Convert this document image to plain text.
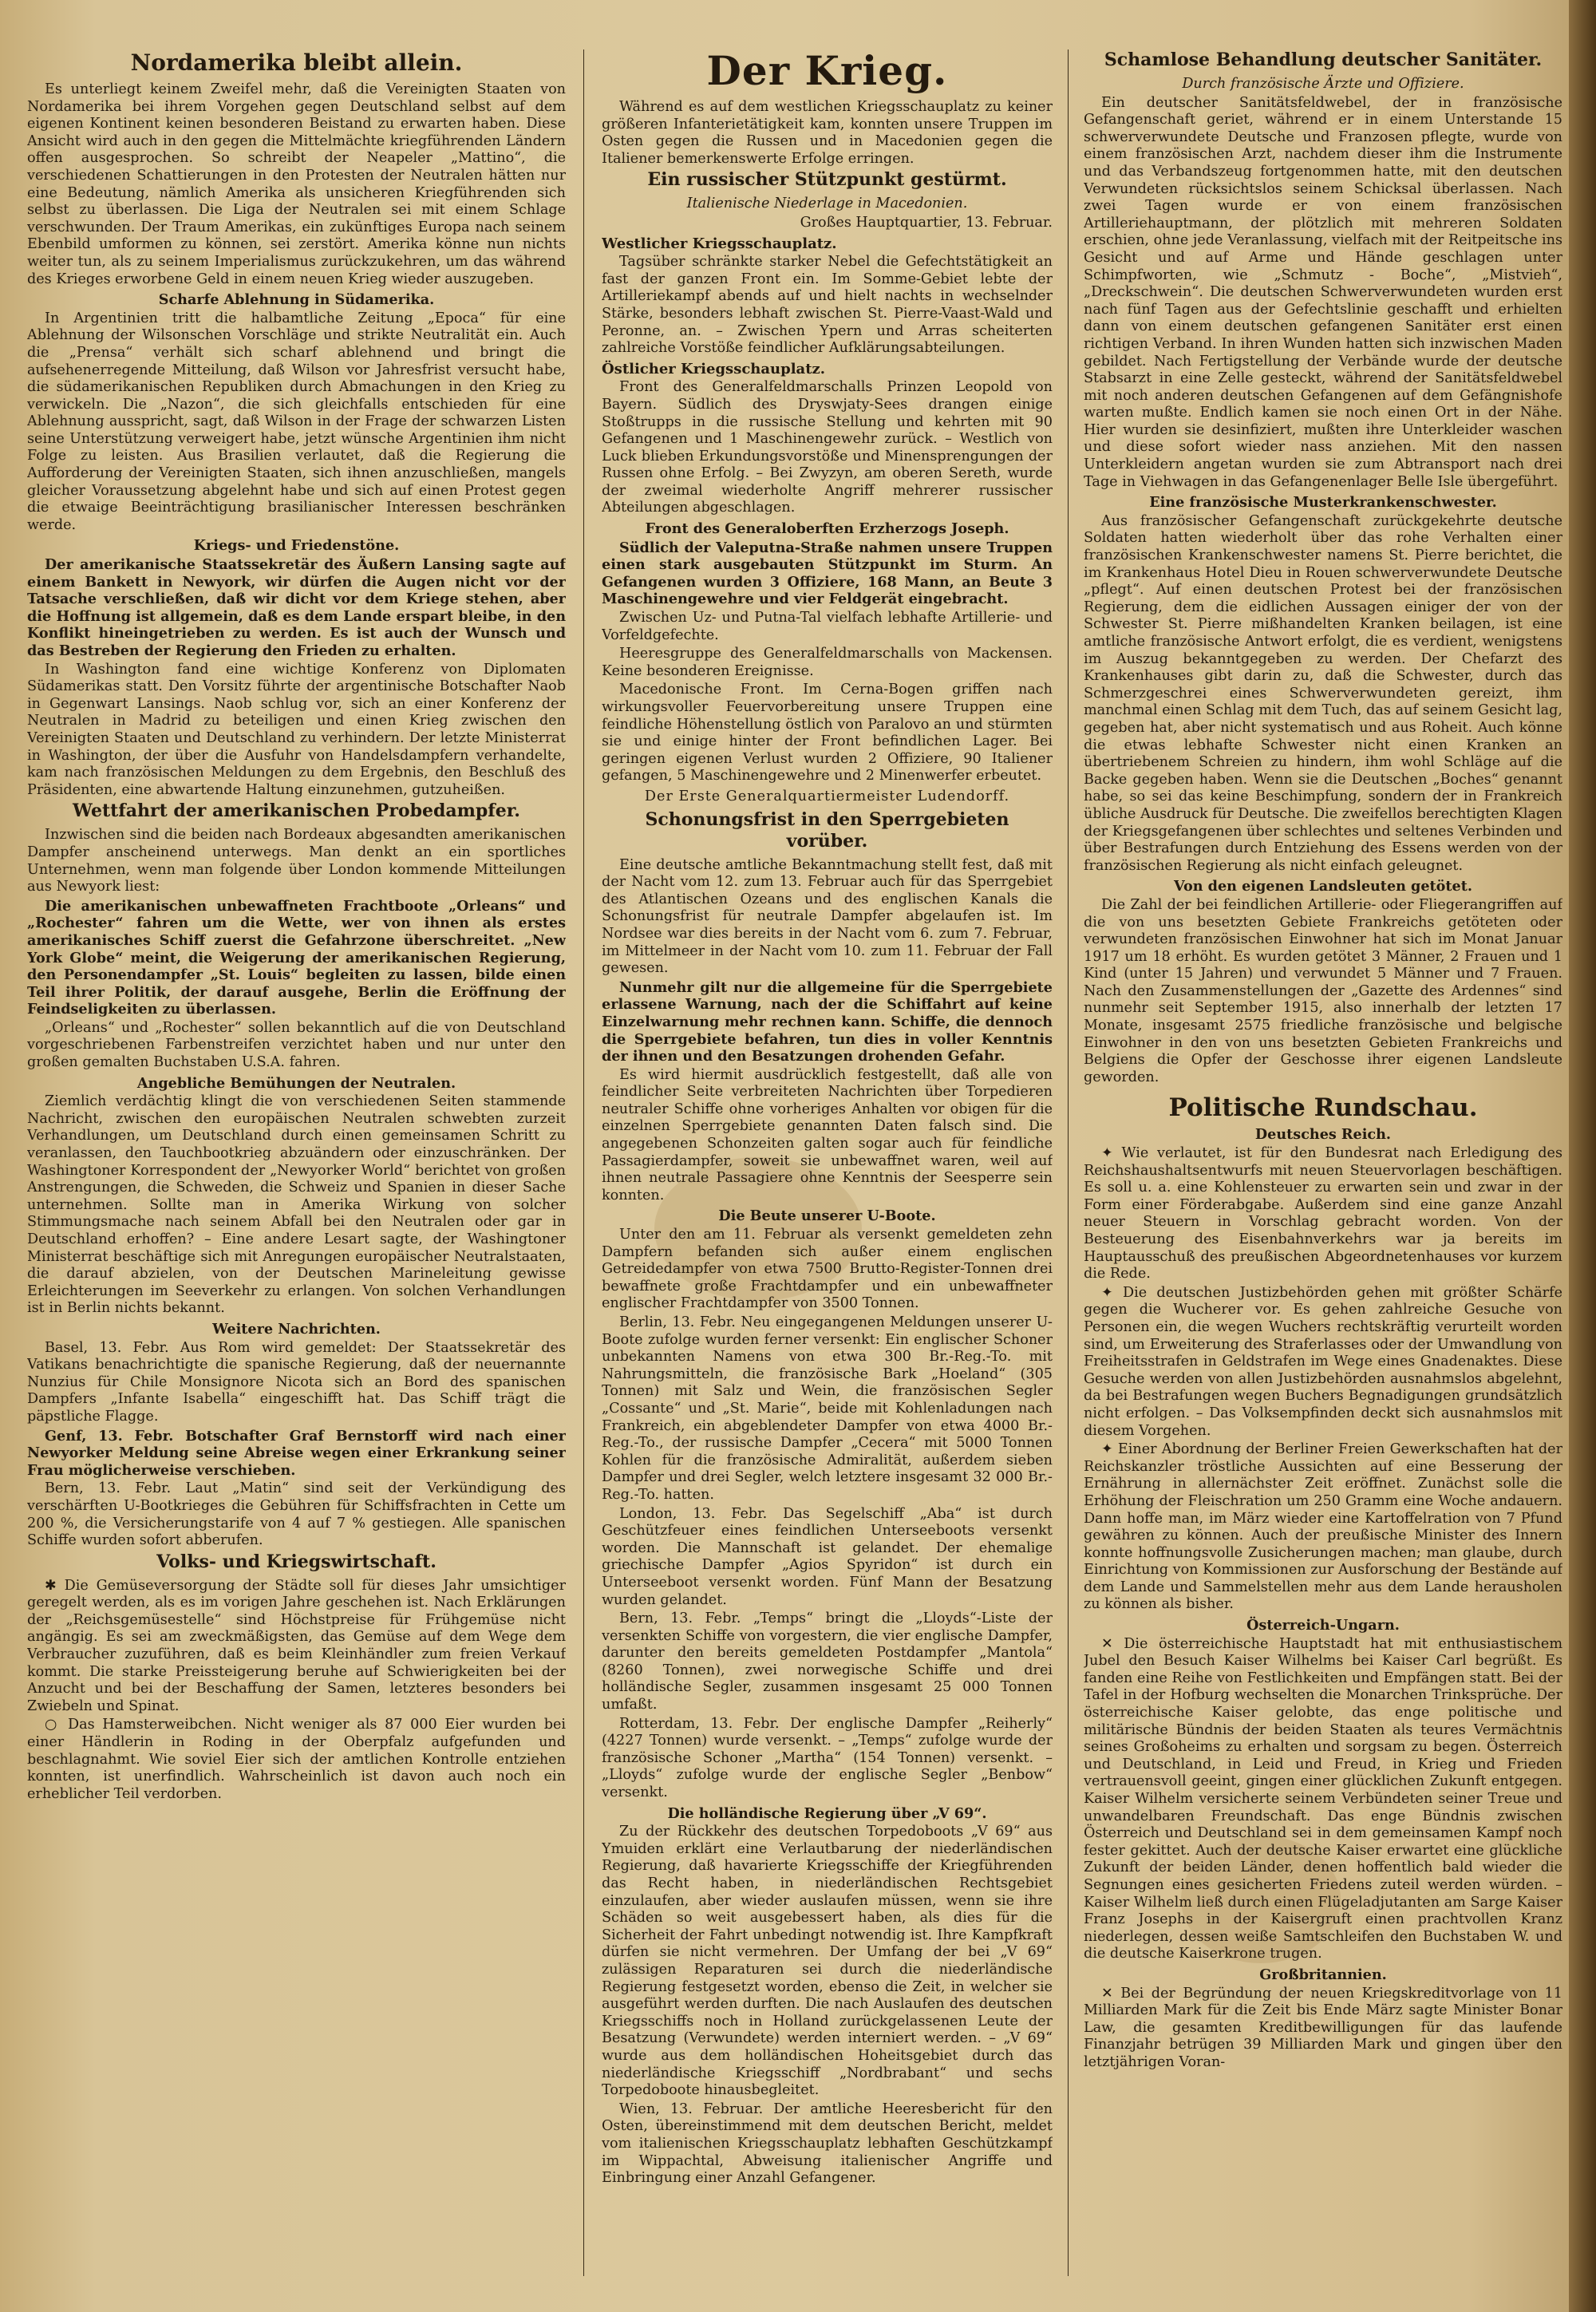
Nordamerika bleibt allein.

Es unterliegt keinem Zweifel mehr, daß die Vereinigten Staaten von Nordamerika bei ihrem Vorgehen gegen Deutschland selbst auf dem eigenen Kontinent keinen besonderen Beistand zu erwarten haben. Diese Ansicht wird auch in den gegen die Mittelmächte kriegführenden Ländern offen ausgesprochen. So schreibt der Neapeler „Mattino“, die verschiedenen Schattierungen in den Protesten der Neutralen hätten nur eine Bedeutung, nämlich Amerika als unsicheren Kriegführenden sich selbst zu überlassen. Die Liga der Neutralen sei mit einem Schlage verschwunden. Der Traum Amerikas, ein zukünftiges Europa nach seinem Ebenbild umformen zu können, sei zerstört. Amerika könne nun nichts weiter tun, als zu seinem Imperialismus zurückzukehren, um das während des Krieges erworbene Geld in einem neuen Krieg wieder auszugeben.

Scharfe Ablehnung in Südamerika.

In Argentinien tritt die halbamtliche Zeitung „Epoca“ für eine Ablehnung der Wilsonschen Vorschläge und strikte Neutralität ein. Auch die „Prensa“ verhält sich scharf ablehnend und bringt die aufsehenerregende Mitteilung, daß Wilson vor Jahresfrist versucht habe, die südamerikanischen Republiken durch Abmachungen in den Krieg zu verwickeln. Die „Nazon“, die sich gleichfalls entschieden für eine Ablehnung ausspricht, sagt, daß Wilson in der Frage der schwarzen Listen seine Unterstützung verweigert habe, jetzt wünsche Argentinien ihm nicht Folge zu leisten. Aus Brasilien verlautet, daß die Regierung die Aufforderung der Vereinigten Staaten, sich ihnen anzuschließen, mangels gleicher Voraussetzung abgelehnt habe und sich auf einen Protest gegen die etwaige Beeinträchtigung brasilianischer Interessen beschränken werde.

Kriegs- und Friedenstöne.

Der amerikanische Staatssekretär des Äußern Lansing sagte auf einem Bankett in Newyork, wir dürfen die Augen nicht vor der Tatsache verschließen, daß wir dicht vor dem Kriege stehen, aber die Hoffnung ist allgemein, daß es dem Lande erspart bleibe, in den Konflikt hineingetrieben zu werden. Es ist auch der Wunsch und das Bestreben der Regierung den Frieden zu erhalten.

In Washington fand eine wichtige Konferenz von Diplomaten Südamerikas statt. Den Vorsitz führte der argentinische Botschafter Naob in Gegenwart Lansings. Naob schlug vor, sich an einer Konferenz der Neutralen in Madrid zu beteiligen und einen Krieg zwischen den Vereinigten Staaten und Deutschland zu verhindern. Der letzte Ministerrat in Washington, der über die Ausfuhr von Handelsdampfern verhandelte, kam nach französischen Meldungen zu dem Ergebnis, den Beschluß des Präsidenten, eine abwartende Haltung einzunehmen, gutzuheißen.

Wettfahrt der amerikanischen Probedampfer.

Inzwischen sind die beiden nach Bordeaux abgesandten amerikanischen Dampfer anscheinend unterwegs. Man denkt an ein sportliches Unternehmen, wenn man folgende über London kommende Mitteilungen aus Newyork liest:

Die amerikanischen unbewaffneten Frachtboote „Orleans“ und „Rochester“ fahren um die Wette, wer von ihnen als erstes amerikanisches Schiff zuerst die Gefahrzone überschreitet. „New York Globe“ meint, die Weigerung der amerikanischen Regierung, den Personendampfer „St. Louis“ begleiten zu lassen, bilde einen Teil ihrer Politik, der darauf ausgehe, Berlin die Eröffnung der Feindseligkeiten zu überlassen.

„Orleans“ und „Rochester“ sollen bekanntlich auf die von Deutschland vorgeschriebenen Farbenstreifen verzichtet haben und nur unter den großen gemalten Buchstaben U.S.A. fahren.

Angebliche Bemühungen der Neutralen.

Ziemlich verdächtig klingt die von verschiedenen Seiten stammende Nachricht, zwischen den europäischen Neutralen schwebten zurzeit Verhandlungen, um Deutschland durch einen gemeinsamen Schritt zu veranlassen, den Tauchbootkrieg abzuändern oder einzuschränken. Der Washingtoner Korrespondent der „Newyorker World“ berichtet von großen Anstrengungen, die Schweden, die Schweiz und Spanien in dieser Sache unternehmen. Sollte man in Amerika Wirkung von solcher Stimmungsmache nach seinem Abfall bei den Neutralen oder gar in Deutschland erhoffen? – Eine andere Lesart sagte, der Washingtoner Ministerrat beschäftige sich mit Anregungen europäischer Neutralstaaten, die darauf abzielen, von der Deutschen Marineleitung gewisse Erleichterungen im Seeverkehr zu erlangen. Von solchen Verhandlungen ist in Berlin nichts bekannt.

Weitere Nachrichten.

Basel, 13. Febr. Aus Rom wird gemeldet: Der Staatssekretär des Vatikans benachrichtigte die spanische Regierung, daß der neuernannte Nunzius für Chile Monsignore Nicota sich an Bord des spanischen Dampfers „Infante Isabella“ eingeschifft hat. Das Schiff trägt die päpstliche Flagge.

Genf, 13. Febr. Botschafter Graf Bernstorff wird nach einer Newyorker Meldung seine Abreise wegen einer Erkrankung seiner Frau möglicherweise verschieben.

Bern, 13. Febr. Laut „Matin“ sind seit der Verkündigung des verschärften U-Bootkrieges die Gebühren für Schiffsfrachten in Cette um 200 %, die Versicherungstarife von 4 auf 7 % gestiegen. Alle spanischen Schiffe wurden sofort abberufen.

Volks- und Kriegswirtschaft.

✱ Die Gemüseversorgung der Städte soll für dieses Jahr umsichtiger geregelt werden, als es im vorigen Jahre geschehen ist. Nach Erklärungen der „Reichsgemüsestelle“ sind Höchstpreise für Frühgemüse nicht angängig. Es sei am zweckmäßigsten, das Gemüse auf dem Wege dem Verbraucher zuzuführen, daß es beim Kleinhändler zum freien Verkauf kommt. Die starke Preissteigerung beruhe auf Schwierigkeiten bei der Anzucht und bei der Beschaffung der Samen, letzteres besonders bei Zwiebeln und Spinat.

○ Das Hamsterweibchen. Nicht weniger als 87 000 Eier wurden bei einer Händlerin in Roding in der Oberpfalz aufgefunden und beschlagnahmt. Wie soviel Eier sich der amtlichen Kontrolle entziehen konnten, ist unerfindlich. Wahrscheinlich ist davon auch noch ein erheblicher Teil verdorben.

Der Krieg.

Während es auf dem westlichen Kriegsschauplatz zu keiner größeren Infanterietätigkeit kam, konnten unsere Truppen im Osten gegen die Russen und in Macedonien gegen die Italiener bemerkenswerte Erfolge erringen.

Ein russischer Stützpunkt gestürmt.
Italienische Niederlage in Macedonien.
Großes Hauptquartier, 13. Februar.
Westlicher Kriegsschauplatz.

Tagsüber schränkte starker Nebel die Gefechtstätigkeit an fast der ganzen Front ein. Im Somme-Gebiet lebte der Artilleriekampf abends auf und hielt nachts in wechselnder Stärke, besonders lebhaft zwischen St. Pierre-Vaast-Wald und Peronne, an. – Zwischen Ypern und Arras scheiterten zahlreiche Vorstöße feindlicher Aufklärungsabteilungen.

Östlicher Kriegsschauplatz.

Front des Generalfeldmarschalls Prinzen Leopold von Bayern. Südlich des Dryswjaty-Sees drangen einige Stoßtrupps in die russische Stellung und kehrten mit 90 Gefangenen und 1 Maschinengewehr zurück. – Westlich von Luck blieben Erkundungsvorstöße und Minensprengungen der Russen ohne Erfolg. – Bei Zwyzyn, am oberen Sereth, wurde der zweimal wiederholte Angriff mehrerer russischer Abteilungen abgeschlagen.

Front des Generaloberften Erzherzogs Joseph.

Südlich der Valeputna-Straße nahmen unsere Truppen einen stark ausgebauten Stützpunkt im Sturm. An Gefangenen wurden 3 Offiziere, 168 Mann, an Beute 3 Maschinengewehre und vier Feldgerät eingebracht.

Zwischen Uz- und Putna-Tal vielfach lebhafte Artillerie- und Vorfeldgefechte.

Heeresgruppe des Generalfeldmarschalls von Mackensen. Keine besonderen Ereignisse.

Macedonische Front. Im Cerna-Bogen griffen nach wirkungsvoller Feuervorbereitung unsere Truppen eine feindliche Höhenstellung östlich von Paralovo an und stürmten sie und einige hinter der Front befindlichen Lager. Bei geringen eigenen Verlust wurden 2 Offiziere, 90 Italiener gefangen, 5 Maschinengewehre und 2 Minenwerfer erbeutet.

Der Erste Generalquartiermeister Ludendorff.
Schonungsfrist in den Sperrgebieten vorüber.

Eine deutsche amtliche Bekanntmachung stellt fest, daß mit der Nacht vom 12. zum 13. Februar auch für das Sperrgebiet des Atlantischen Ozeans und des englischen Kanals die Schonungsfrist für neutrale Dampfer abgelaufen ist. Im Nordsee war dies bereits in der Nacht vom 6. zum 7. Februar, im Mittelmeer in der Nacht vom 10. zum 11. Februar der Fall gewesen.

Nunmehr gilt nur die allgemeine für die Sperrgebiete erlassene Warnung, nach der die Schiffahrt auf keine Einzelwarnung mehr rechnen kann. Schiffe, die dennoch die Sperrgebiete befahren, tun dies in voller Kenntnis der ihnen und den Besatzungen drohenden Gefahr.

Es wird hiermit ausdrücklich festgestellt, daß alle von feindlicher Seite verbreiteten Nachrichten über Torpedieren neutraler Schiffe ohne vorheriges Anhalten vor obigen für die einzelnen Sperrgebiete genannten Daten falsch sind. Die angegebenen Schonzeiten galten sogar auch für feindliche Passagierdampfer, soweit sie unbewaffnet waren, weil auf ihnen neutrale Passagiere ohne Kenntnis der Seesperre sein konnten.

Die Beute unserer U-Boote.

Unter den am 11. Februar als versenkt gemeldeten zehn Dampfern befanden sich außer einem englischen Getreidedampfer von etwa 7500 Brutto-Register-Tonnen drei bewaffnete große Frachtdampfer und ein unbewaffneter englischer Frachtdampfer von 3500 Tonnen.

Berlin, 13. Febr. Neu eingegangenen Meldungen unserer U-Boote zufolge wurden ferner versenkt: Ein englischer Schoner unbekannten Namens von etwa 300 Br.-Reg.-To. mit Nahrungsmitteln, die französische Bark „Hoeland“ (305 Tonnen) mit Salz und Wein, die französischen Segler „Cossante“ und „St. Marie“, beide mit Kohlenladungen nach Frankreich, ein abgeblendeter Dampfer von etwa 4000 Br.-Reg.-To., der russische Dampfer „Cecera“ mit 5000 Tonnen Kohlen für die französische Admiralität, außerdem sieben Dampfer und drei Segler, welch letztere insgesamt 32 000 Br.-Reg.-To. hatten.

London, 13. Febr. Das Segelschiff „Aba“ ist durch Geschützfeuer eines feindlichen Unterseeboots versenkt worden. Die Mannschaft ist gelandet. Der ehemalige griechische Dampfer „Agios Spyridon“ ist durch ein Unterseeboot versenkt worden. Fünf Mann der Besatzung wurden gelandet.

Bern, 13. Febr. „Temps“ bringt die „Lloyds“-Liste der versenkten Schiffe von vorgestern, die vier englische Dampfer, darunter den bereits gemeldeten Postdampfer „Mantola“ (8260 Tonnen), zwei norwegische Schiffe und drei holländische Segler, zusammen insgesamt 25 000 Tonnen umfaßt.

Rotterdam, 13. Febr. Der englische Dampfer „Reiherly“ (4227 Tonnen) wurde versenkt. – „Temps“ zufolge wurde der französische Schoner „Martha“ (154 Tonnen) versenkt. – „Lloyds“ zufolge wurde der englische Segler „Benbow“ versenkt.

Die holländische Regierung über „V 69“.

Zu der Rückkehr des deutschen Torpedoboots „V 69“ aus Ymuiden erklärt eine Verlautbarung der niederländischen Regierung, daß havarierte Kriegsschiffe der Kriegführenden das Recht haben, in niederländischen Rechtsgebiet einzulaufen, aber wieder auslaufen müssen, wenn sie ihre Schäden so weit ausgebessert haben, als dies für die Sicherheit der Fahrt unbedingt notwendig ist. Ihre Kampfkraft dürfen sie nicht vermehren. Der Umfang der bei „V 69“ zulässigen Reparaturen sei durch die niederländische Regierung festgesetzt worden, ebenso die Zeit, in welcher sie ausgeführt werden durften. Die nach Auslaufen des deutschen Kriegsschiffs noch in Holland zurückgelassenen Leute der Besatzung (Verwundete) werden interniert werden. – „V 69“ wurde aus dem holländischen Hoheitsgebiet durch das niederländische Kriegsschiff „Nordbrabant“ und sechs Torpedoboote hinausbegleitet.

Wien, 13. Februar. Der amtliche Heeresbericht für den Osten, übereinstimmend mit dem deutschen Bericht, meldet vom italienischen Kriegsschauplatz lebhaften Geschützkampf im Wippachtal, Abweisung italienischer Angriffe und Einbringung einer Anzahl Gefangener.

Schamlose Behandlung deutscher Sanitäter.
Durch französische Ärzte und Offiziere.

Ein deutscher Sanitätsfeldwebel, der in französische Gefangenschaft geriet, während er in einem Unterstande 15 schwerverwundete Deutsche und Franzosen pflegte, wurde von einem französischen Arzt, nachdem dieser ihm die Instrumente und das Verbandszeug fortgenommen hatte, mit den deutschen Verwundeten rücksichtslos seinem Schicksal überlassen. Nach zwei Tagen wurde er von einem französischen Artilleriehauptmann, der plötzlich mit mehreren Soldaten erschien, ohne jede Veranlassung, vielfach mit der Reitpeitsche ins Gesicht und auf Arme und Hände geschlagen unter Schimpfworten, wie „Schmutz - Boche“, „Mistvieh“, „Dreckschwein“. Die deutschen Schwerverwundeten wurden erst nach fünf Tagen aus der Gefechtslinie geschafft und erhielten dann von einem deutschen gefangenen Sanitäter erst einen richtigen Verband. In ihren Wunden hatten sich inzwischen Maden gebildet. Nach Fertigstellung der Verbände wurde der deutsche Stabsarzt in eine Zelle gesteckt, während der Sanitätsfeldwebel mit noch anderen deutschen Gefangenen auf dem Gefängnishofe warten mußte. Endlich kamen sie noch einen Ort in der Nähe. Hier wurden sie desinfiziert, mußten ihre Unterkleider waschen und diese sofort wieder nass anziehen. Mit den nassen Unterkleidern angetan wurden sie zum Abtransport nach drei Tage in Viehwagen in das Gefangenenlager Belle Isle übergeführt.

Eine französische Musterkrankenschwester.

Aus französischer Gefangenschaft zurückgekehrte deutsche Soldaten hatten wiederholt über das rohe Verhalten einer französischen Krankenschwester namens St. Pierre berichtet, die im Krankenhaus Hotel Dieu in Rouen schwerverwundete Deutsche „pflegt“. Auf einen deutschen Protest bei der französischen Regierung, dem die eidlichen Aussagen einiger der von der Schwester St. Pierre mißhandelten Kranken beilagen, ist eine amtliche französische Antwort erfolgt, die es verdient, wenigstens im Auszug bekanntgegeben zu werden. Der Chefarzt des Krankenhauses gibt darin zu, daß die Schwester, durch das Schmerzgeschrei eines Schwerverwundeten gereizt, ihm manchmal einen Schlag mit dem Tuch, das auf seinem Gesicht lag, gegeben hat, aber nicht systematisch und aus Roheit. Auch könne die etwas lebhafte Schwester nicht einen Kranken an übertriebenem Schreien zu hindern, ihm wohl Schläge auf die Backe gegeben haben. Wenn sie die Deutschen „Boches“ genannt habe, so sei das keine Beschimpfung, sondern der in Frankreich übliche Ausdruck für Deutsche. Die zweifellos berechtigten Klagen der Kriegsgefangenen über schlechtes und seltenes Verbinden und über Bestrafungen durch Entziehung des Essens werden von der französischen Regierung als nicht einfach geleugnet.

Von den eigenen Landsleuten getötet.

Die Zahl der bei feindlichen Artillerie- oder Fliegerangriffen auf die von uns besetzten Gebiete Frankreichs getöteten oder verwundeten französischen Einwohner hat sich im Monat Januar 1917 um 18 erhöht. Es wurden getötet 3 Männer, 2 Frauen und 1 Kind (unter 15 Jahren) und verwundet 5 Männer und 7 Frauen. Nach den Zusammenstellungen der „Gazette des Ardennes“ sind nunmehr seit September 1915, also innerhalb der letzten 17 Monate, insgesamt 2575 friedliche französische und belgische Einwohner in den von uns besetzten Gebieten Frankreichs und Belgiens die Opfer der Geschosse ihrer eigenen Landsleute geworden.

Politische Rundschau.
Deutsches Reich.

✦ Wie verlautet, ist für den Bundesrat nach Erledigung des Reichshaushaltsentwurfs mit neuen Steuervorlagen beschäftigen. Es soll u. a. eine Kohlensteuer zu erwarten sein und zwar in der Form einer Förderabgabe. Außerdem sind eine ganze Anzahl neuer Steuern in Vorschlag gebracht worden. Von der Besteuerung des Eisenbahnverkehrs war ja bereits im Hauptausschuß des preußischen Abgeordnetenhauses vor kurzem die Rede.

✦ Die deutschen Justizbehörden gehen mit größter Schärfe gegen die Wucherer vor. Es gehen zahlreiche Gesuche von Personen ein, die wegen Wuchers rechtskräftig verurteilt worden sind, um Erweiterung des Straferlasses oder der Umwandlung von Freiheitsstrafen in Geldstrafen im Wege eines Gnadenaktes. Diese Gesuche werden von allen Justizbehörden ausnahmslos abgelehnt, da bei Bestrafungen wegen Buchers Begnadigungen grundsätzlich nicht erfolgen. – Das Volksempfinden deckt sich ausnahmslos mit diesem Vorgehen.

✦ Einer Abordnung der Berliner Freien Gewerkschaften hat der Reichskanzler tröstliche Aussichten auf eine Besserung der Ernährung in allernächster Zeit eröffnet. Zunächst solle die Erhöhung der Fleischration um 250 Gramm eine Woche andauern. Dann hoffe man, im März wieder eine Kartoffelration von 7 Pfund gewähren zu können. Auch der preußische Minister des Innern konnte hoffnungsvolle Zusicherungen machen; man glaube, durch Einrichtung von Kommissionen zur Ausforschung der Bestände auf dem Lande und Sammelstellen mehr aus dem Lande herausholen zu können als bisher.

Österreich-Ungarn.

✕ Die österreichische Hauptstadt hat mit enthusiastischem Jubel den Besuch Kaiser Wilhelms bei Kaiser Carl begrüßt. Es fanden eine Reihe von Festlichkeiten und Empfängen statt. Bei der Tafel in der Hofburg wechselten die Monarchen Trinksprüche. Der österreichische Kaiser gelobte, das enge politische und militärische Bündnis der beiden Staaten als teures Vermächtnis seines Großoheims zu erhalten und sorgsam zu begen. Österreich und Deutschland, in Leid und Freud, in Krieg und Frieden vertrauensvoll geeint, gingen einer glücklichen Zukunft entgegen. Kaiser Wilhelm versicherte seinem Verbündeten seiner Treue und unwandelbaren Freundschaft. Das enge Bündnis zwischen Österreich und Deutschland sei in dem gemeinsamen Kampf noch fester gekittet. Auch der deutsche Kaiser erwartet eine glückliche Zukunft der beiden Länder, denen hoffentlich bald wieder die Segnungen eines gesicherten Friedens zuteil werden würden. – Kaiser Wilhelm ließ durch einen Flügeladjutanten am Sarge Kaiser Franz Josephs in der Kaisergruft einen prachtvollen Kranz niederlegen, dessen weiße Samtschleifen den Buchstaben W. und die deutsche Kaiserkrone trugen.

Großbritannien.

✕ Bei der Begründung der neuen Kriegskreditvorlage von 11 Milliarden Mark für die Zeit bis Ende März sagte Minister Bonar Law, die gesamten Kreditbewilligungen für das laufende Finanzjahr betrügen 39 Milliarden Mark und gingen über den letztjährigen Voran-
